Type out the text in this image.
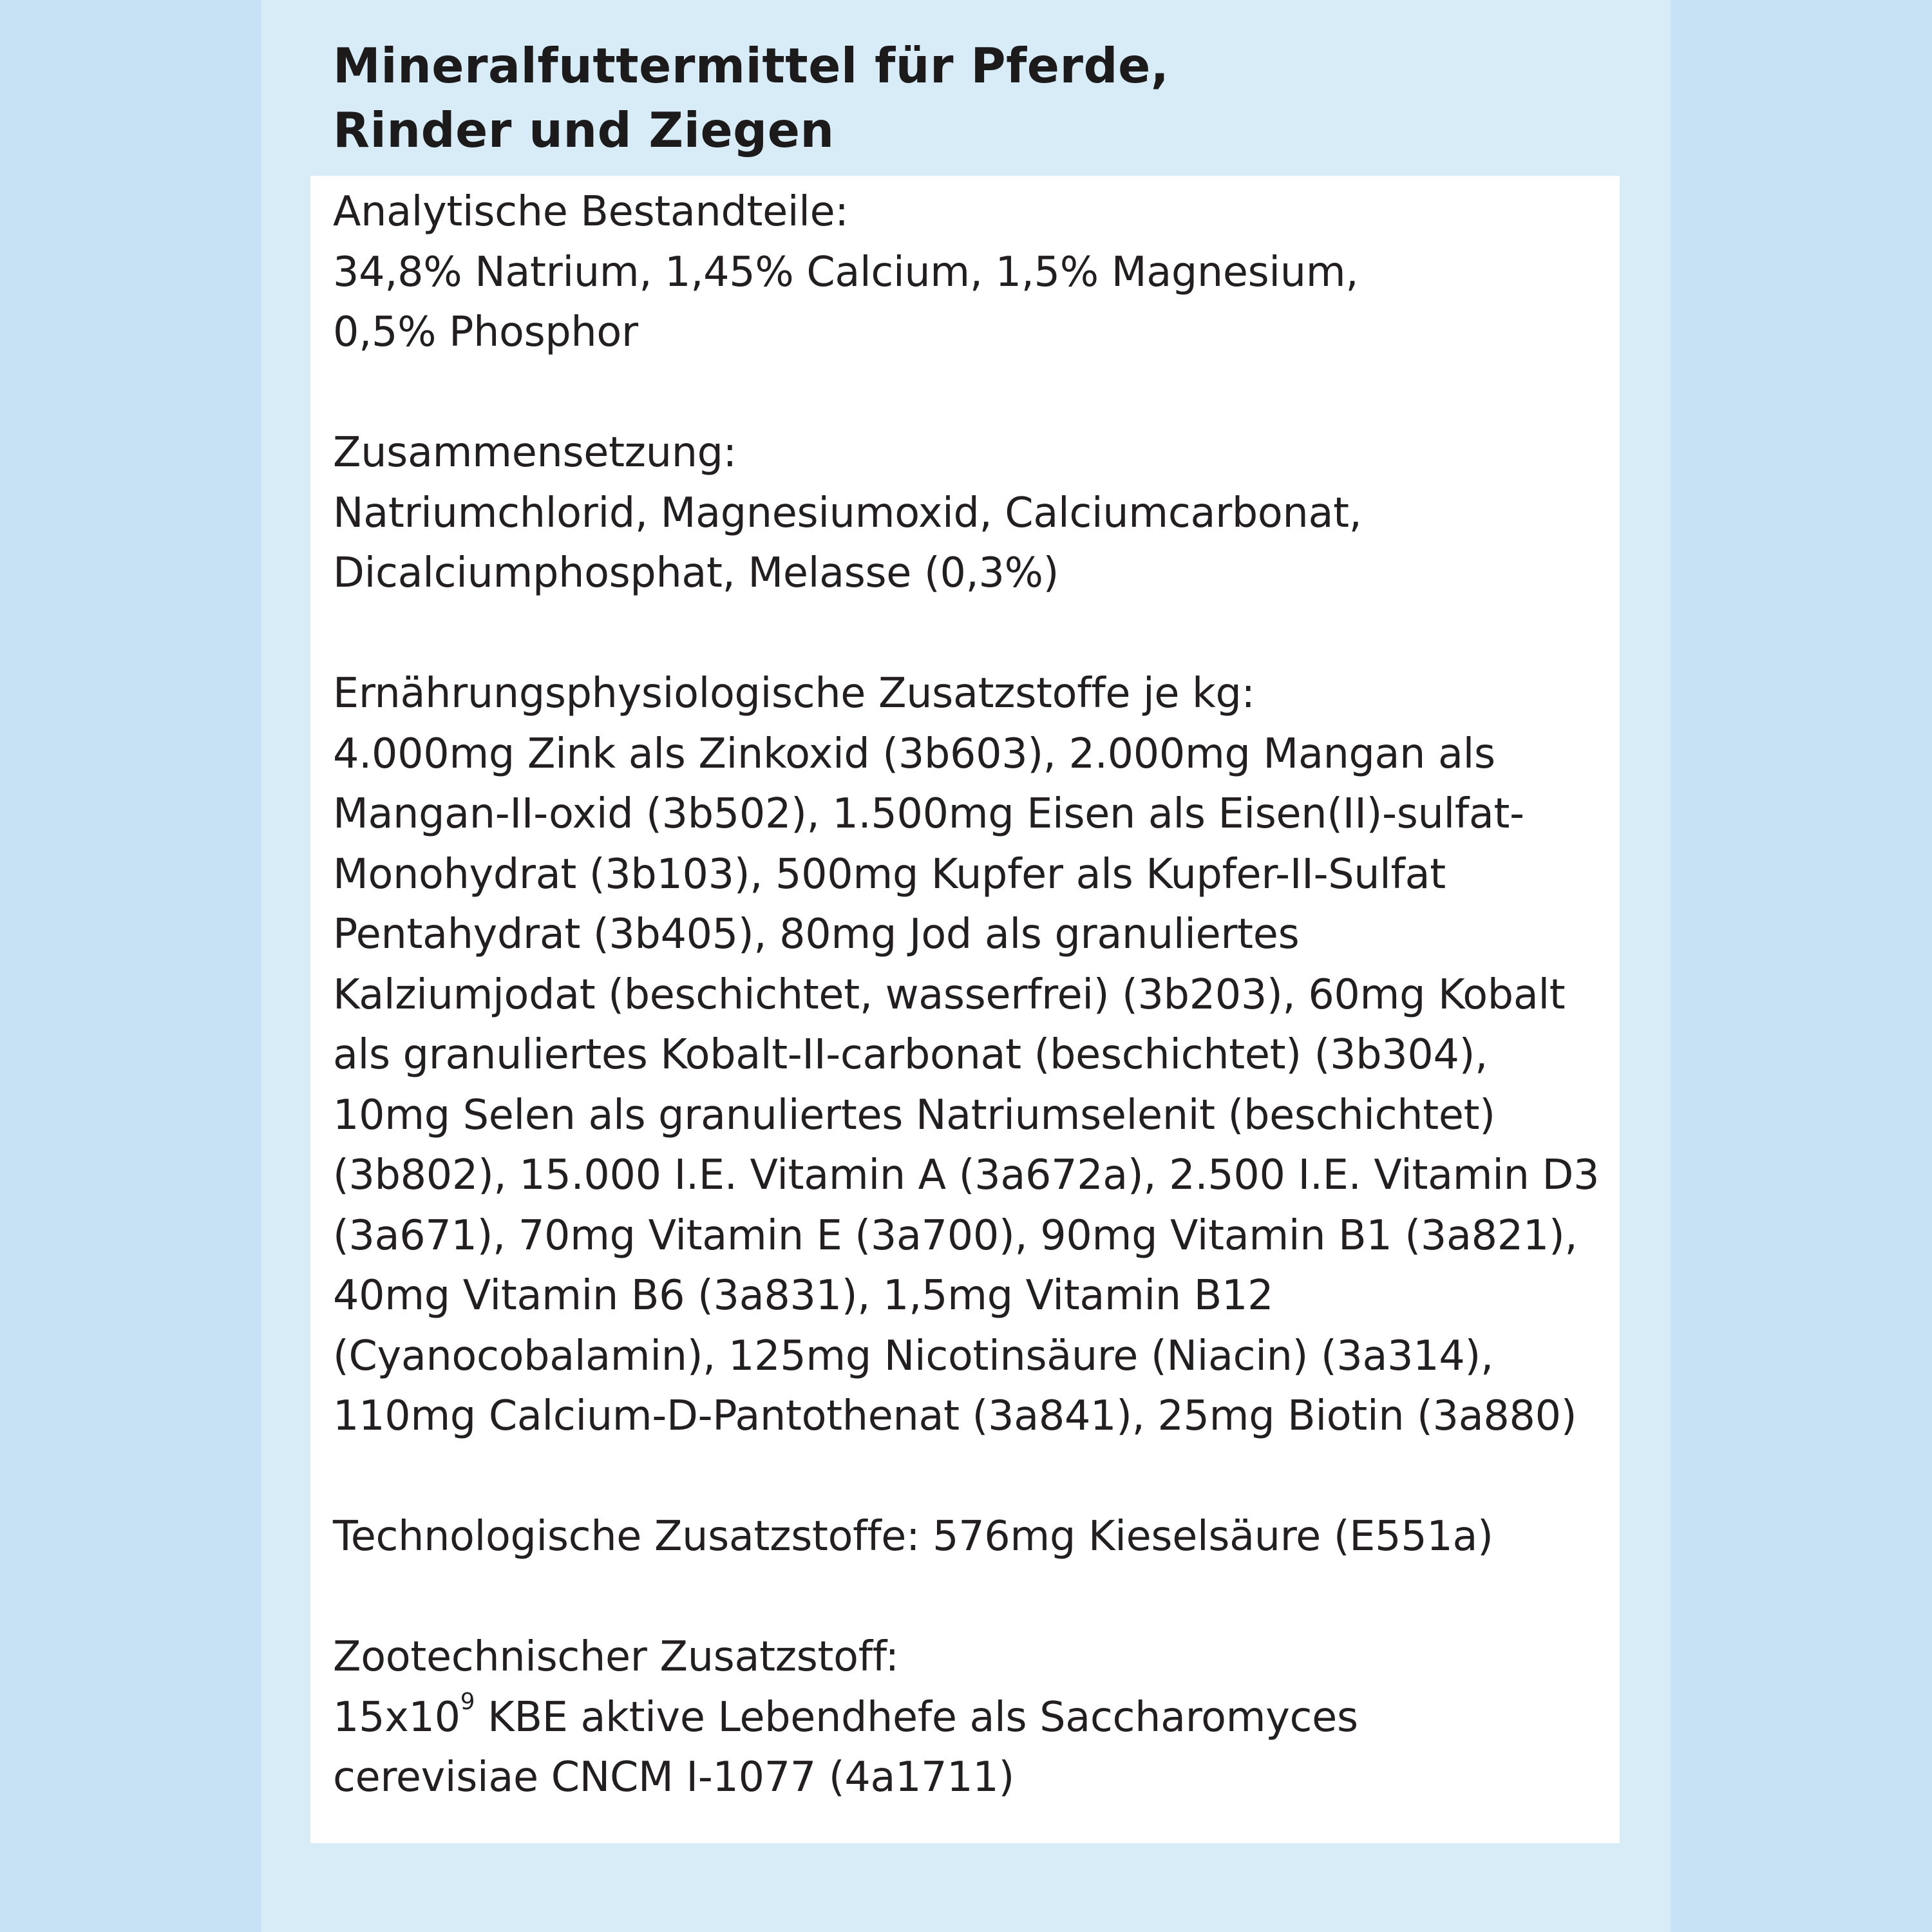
Mineralfuttermittel für Pferde,
Rinder und Ziegen
Analytische Bestandteile:
34,8% Natrium, 1,45% Calcium, 1,5% Magnesium,
0,5% Phosphor
Zusammensetzung:
Natriumchlorid, Magnesiumoxid, Calciumcarbonat,
Dicalciumphosphat, Melasse (0,3%)
Ernährungsphysiologische Zusatzstoffe je kg:
4.000mg Zink als Zinkoxid (3b603), 2.000mg Mangan als
Mangan-II-oxid (3b502), 1.500mg Eisen als Eisen(II)-sulfat-
Monohydrat (3b103), 500mg Kupfer als Kupfer-II-Sulfat
Pentahydrat (3b405), 80mg Jod als granuliertes
Kalziumjodat (beschichtet, wasserfrei) (3b203), 60mg Kobalt
als granuliertes Kobalt-II-carbonat (beschichtet) (3b304),
10mg Selen als granuliertes Natriumselenit (beschichtet)
(3b802), 15.000 I.E. Vitamin A (3a672a), 2.500 I.E. Vitamin D3
(3a671), 70mg Vitamin E (3a700), 90mg Vitamin B1 (3a821),
40mg Vitamin B6 (3a831), 1,5mg Vitamin B12
(Cyanocobalamin), 125mg Nicotinsäure (Niacin) (3a314),
110mg Calcium-D-Pantothenat (3a841), 25mg Biotin (3a880)
Technologische Zusatzstoffe: 576mg Kieselsäure (E551a)
Zootechnischer Zusatzstoff:
$15x10^9$ KBE aktive Lebendhefe als Saccharomyces
cerevisiae CNCM I-1077 (4a1711)
